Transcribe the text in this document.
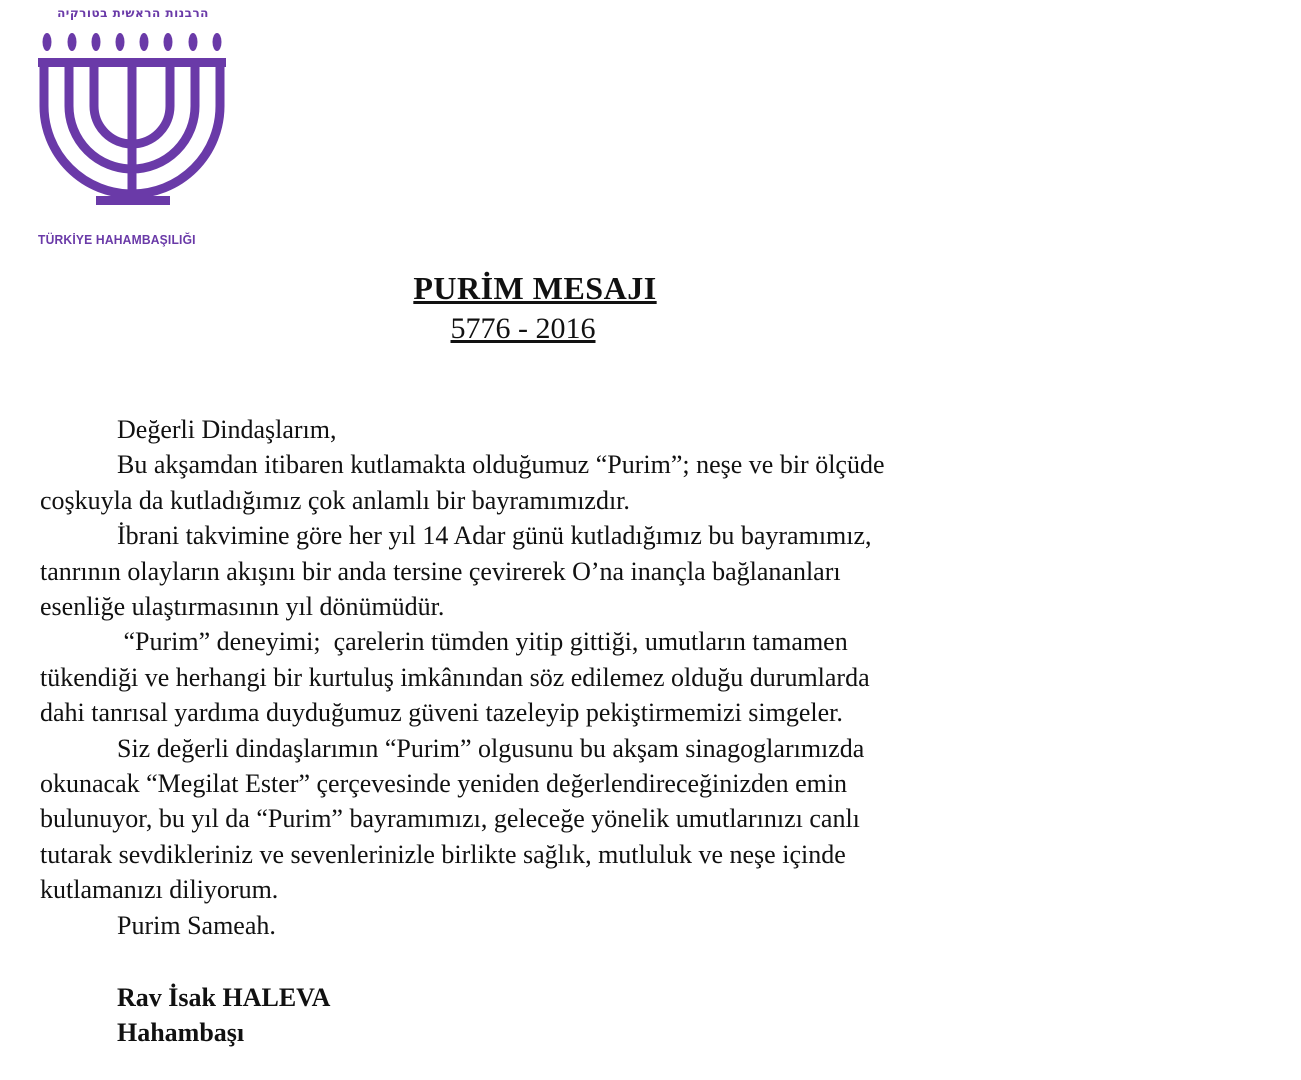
הרבנות הראשית בטורקיה
TÜRKİYE HAHAMBAŞILIĞI
PURİM MESAJI
5776 - 2016
Değerli Dindaşlarım,
Bu akşamdan itibaren kutlamakta olduğumuz “Purim”; neşe ve bir ölçüde
coşkuyla da kutladığımız çok anlamlı bir bayramımızdır.
İbrani takvimine göre her yıl 14 Adar günü kutladığımız bu bayramımız,
tanrının olayların akışını bir anda tersine çevirerek O’na inançla bağlananları
esenliğe ulaştırmasının yıl dönümüdür.
“Purim” deneyimi;  çarelerin tümden yitip gittiği, umutların tamamen
tükendiği ve herhangi bir kurtuluş imkânından söz edilemez olduğu durumlarda
dahi tanrısal yardıma duyduğumuz güveni tazeleyip pekiştirmemizi simgeler.
Siz değerli dindaşlarımın “Purim” olgusunu bu akşam sinagoglarımızda
okunacak “Megilat Ester” çerçevesinde yeniden değerlendireceğinizden emin
bulunuyor, bu yıl da “Purim” bayramımızı, geleceğe yönelik umutlarınızı canlı
tutarak sevdikleriniz ve sevenlerinizle birlikte sağlık, mutluluk ve neşe içinde
kutlamanızı diliyorum.
Purim Sameah.
Rav İsak HALEVA
Hahambaşı
